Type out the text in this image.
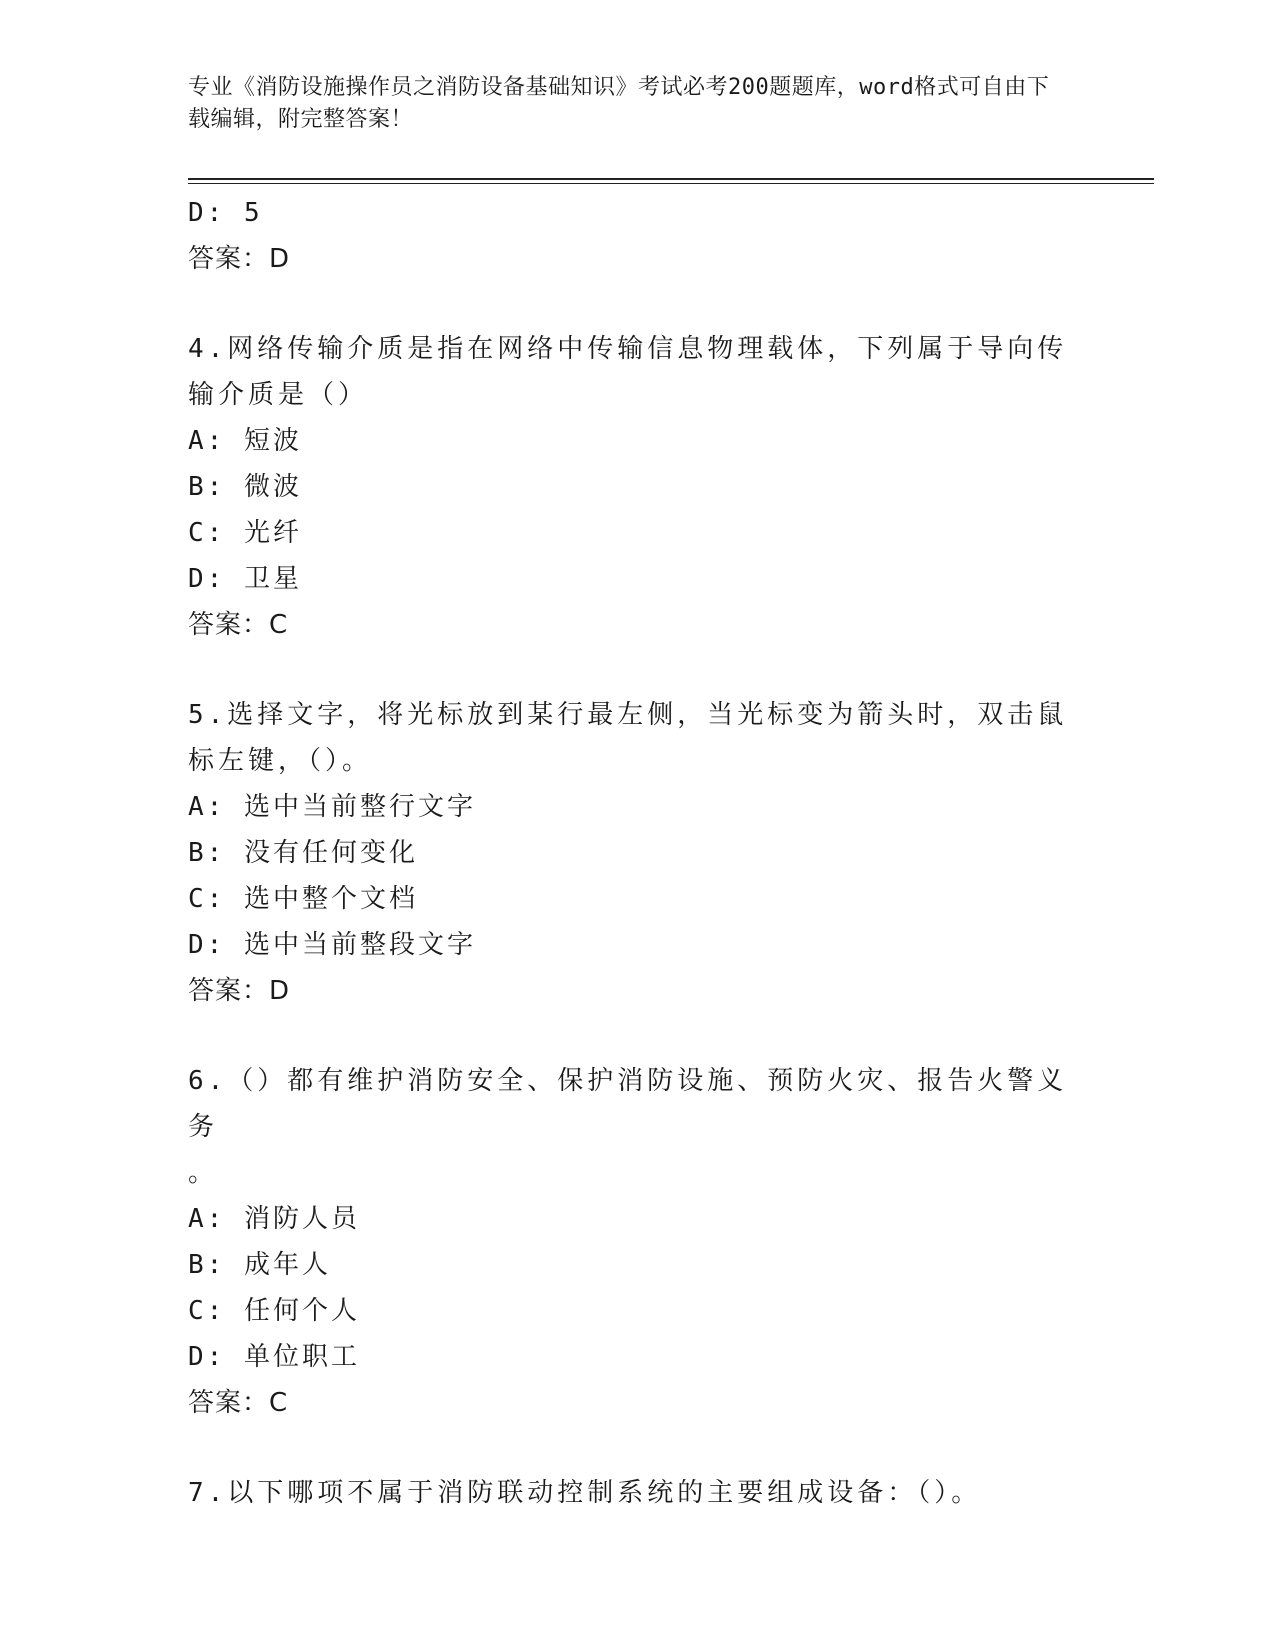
专业《消防设施操作员之消防设备基础知识》考试必考200题题库，word格式可自由下载编辑，附完整答案！
D: 5
答案：D
4.网络传输介质是指在网络中传输信息物理载体，下列属于导向传输介质是（）
A: 短波
B: 微波
C: 光纤
D: 卫星
答案：C
5.选择文字，将光标放到某行最左侧，当光标变为箭头时，双击鼠标左键，（）。
A: 选中当前整行文字
B: 没有任何变化
C: 选中整个文档
D: 选中当前整段文字
答案：D
6.（）都有维护消防安全、保护消防设施、预防火灾、报告火警义务
。
A: 消防人员
B: 成年人
C: 任何个人
D: 单位职工
答案：C
7.以下哪项不属于消防联动控制系统的主要组成设备：（）。
